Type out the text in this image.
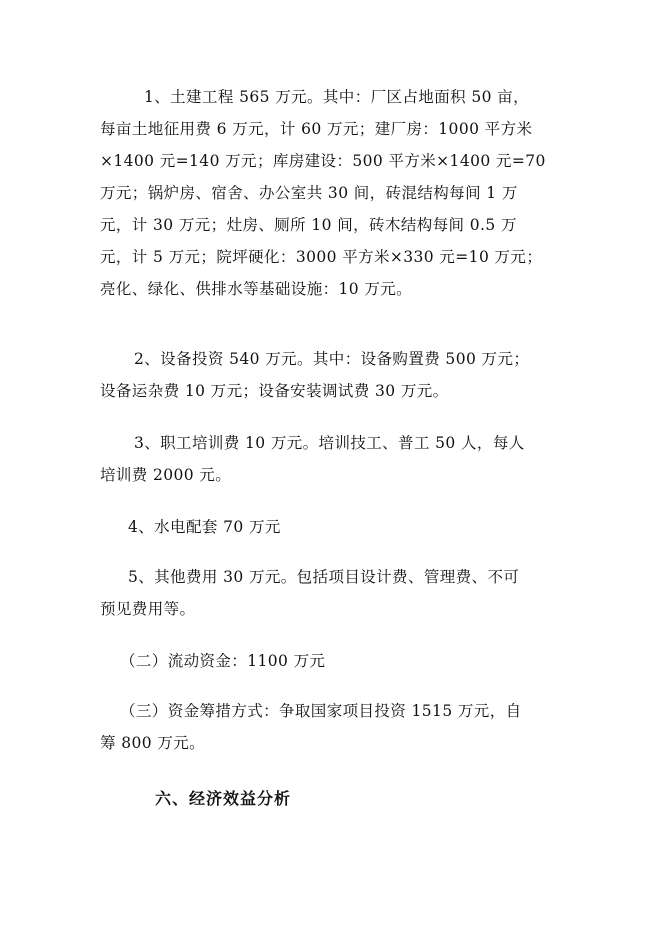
1、土建工程 565 万元。其中：厂区占地面积 50 亩，
每亩土地征用费 6 万元，计 60 万元；建厂房：1000 平方米
×1400 元=140 万元；库房建设：500 平方米×1400 元=70
万元；锅炉房、宿舍、办公室共 30 间，砖混结构每间 1 万
元，计 30 万元；灶房、厕所 10 间，砖木结构每间 0.5 万
元，计 5 万元；院坪硬化：3000 平方米×330 元=10 万元；
亮化、绿化、供排水等基础设施：10 万元。

2、设备投资 540 万元。其中：设备购置费 500 万元；
设备运杂费 10 万元；设备安装调试费 30 万元。

3、职工培训费 10 万元。培训技工、普工 50 人，每人
培训费 2000 元。

4、水电配套 70 万元

5、其他费用 30 万元。包括项目设计费、管理费、不可
预见费用等。

（二）流动资金：1100 万元

（三）资金筹措方式：争取国家项目投资 1515 万元，自
筹 800 万元。

六、经济效益分析
